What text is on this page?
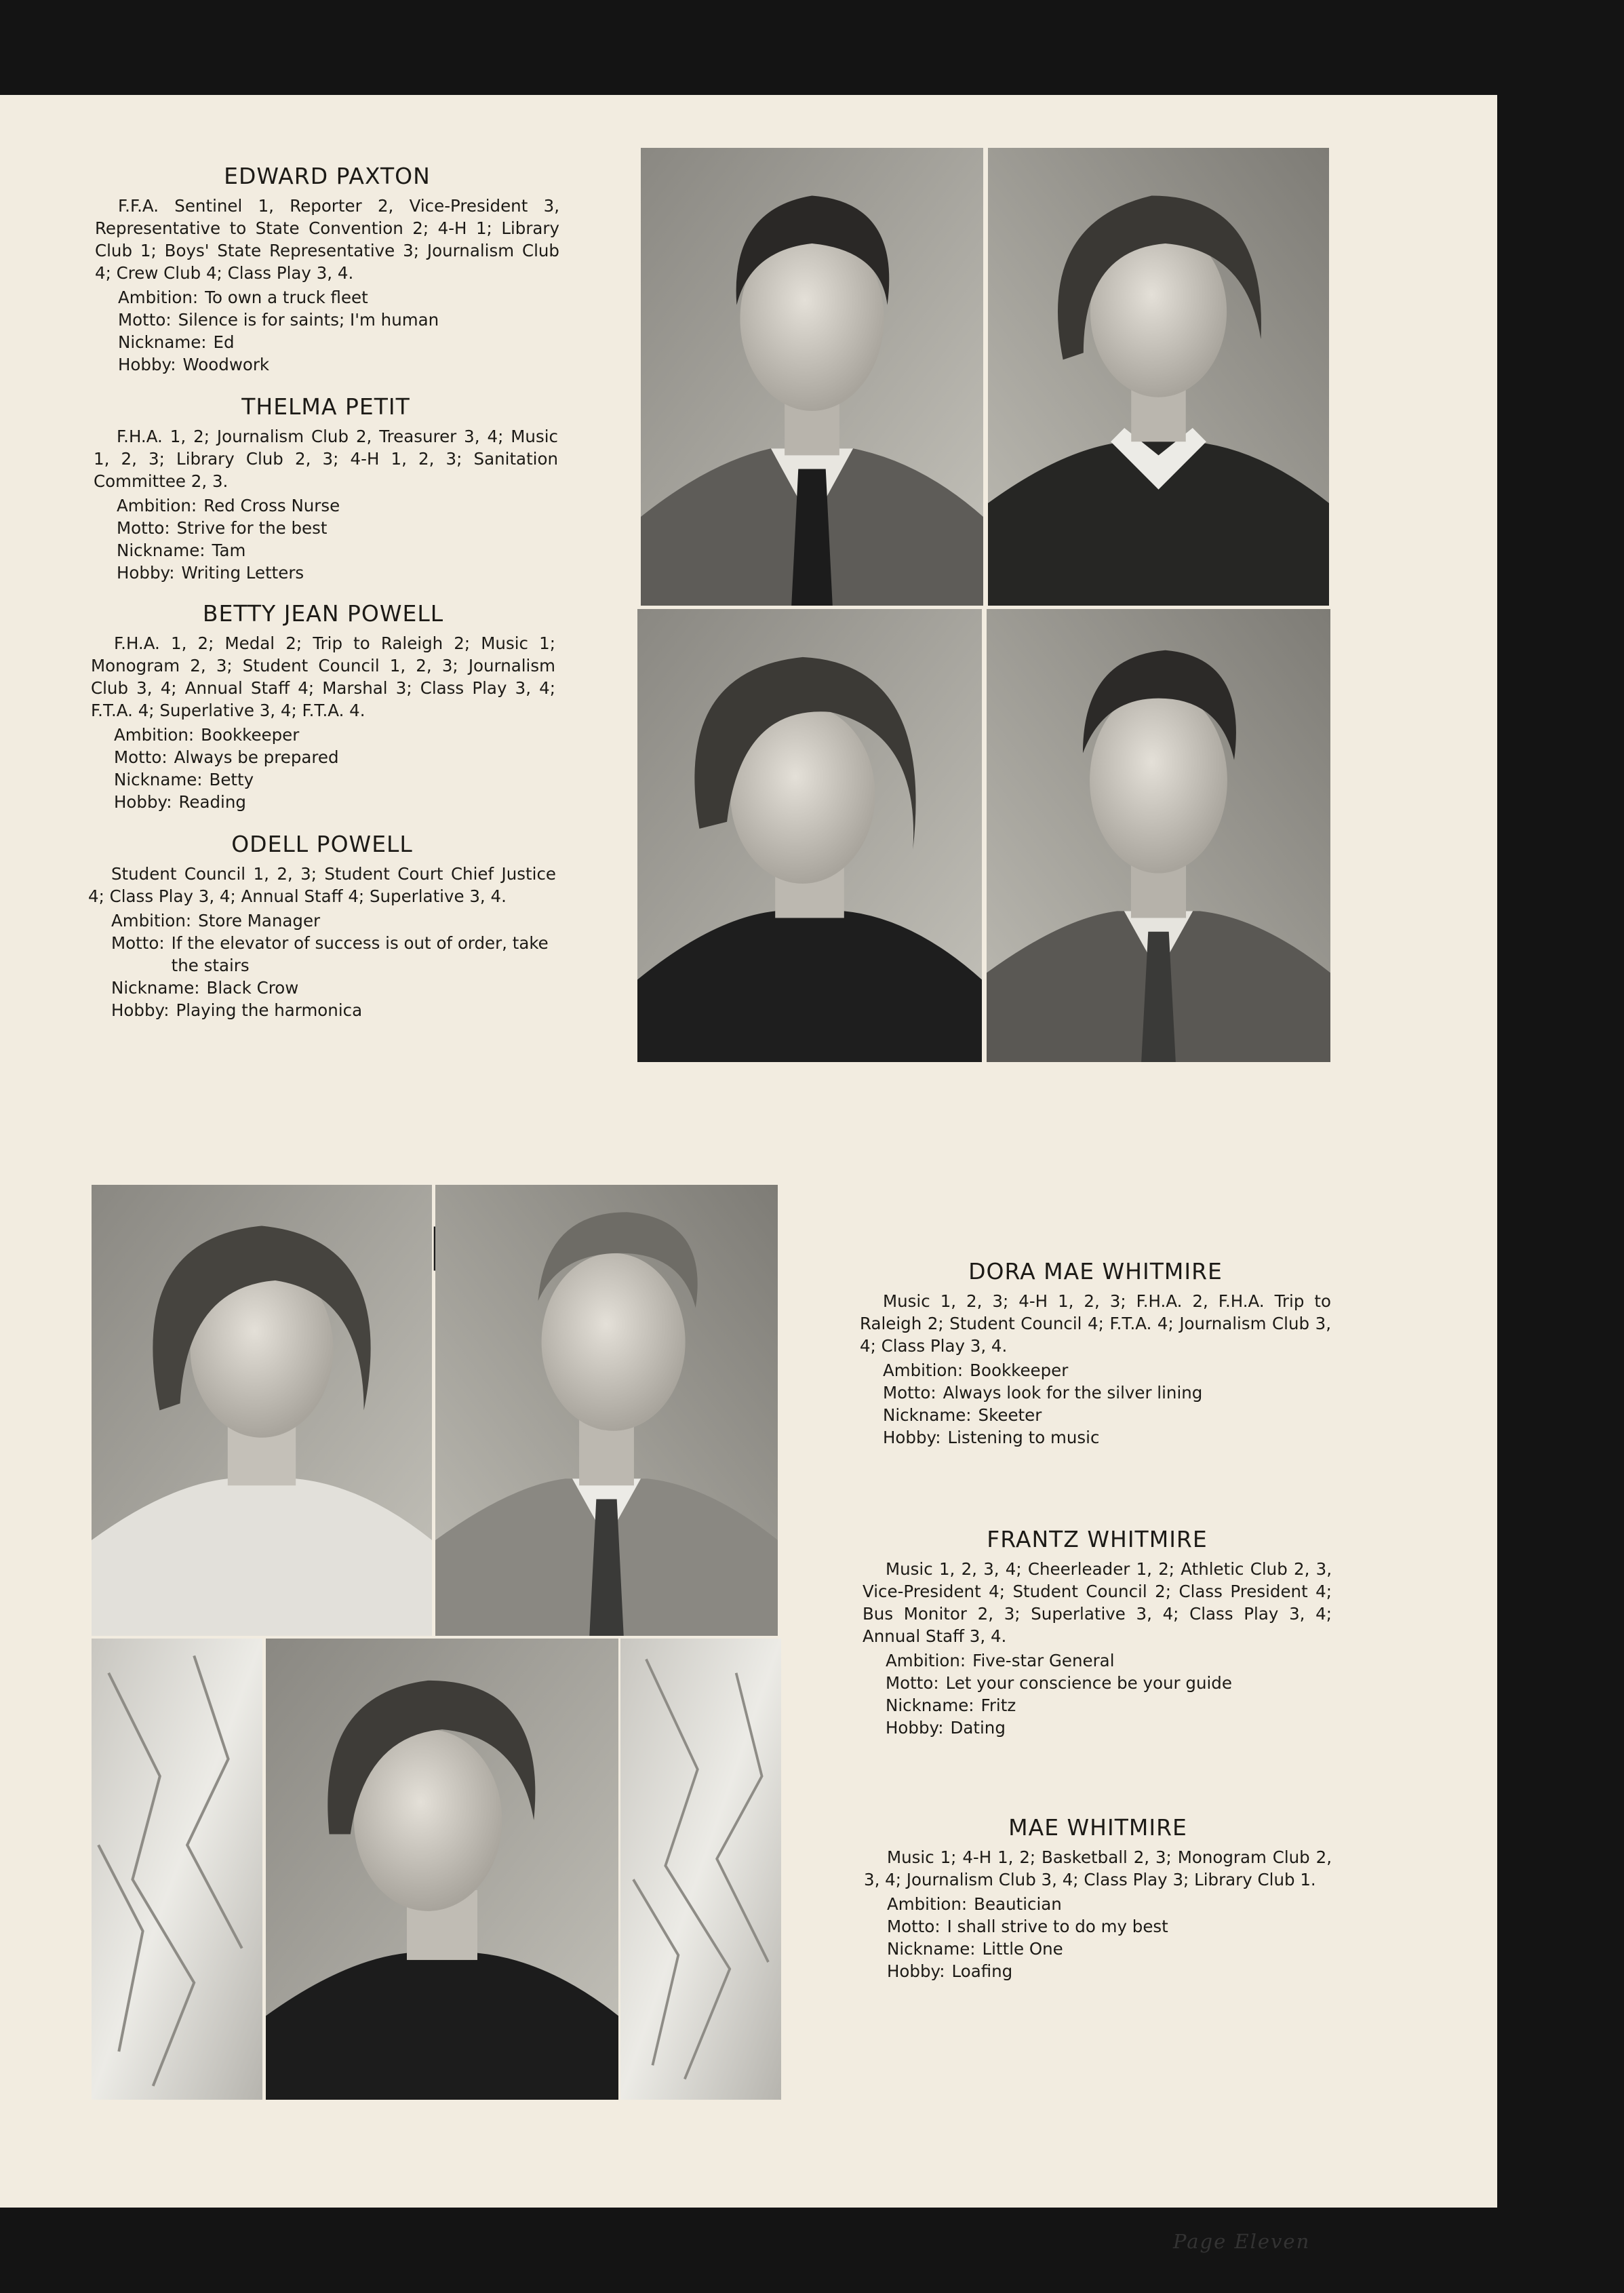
EDWARD PAXTON

F.F.A. Sentinel 1, Reporter 2, Vice-President 3, Representative to State Convention 2; 4-H 1; Library Club 1; Boys' State Representative 3; Journalism Club 4; Crew Club 4; Class Play 3, 4.

Ambition: To own a truck fleet
Motto: Silence is for saints; I'm human
Nickname: Ed
Hobby: Woodwork
THELMA PETIT

F.H.A. 1, 2; Journalism Club 2, Treasurer 3, 4; Music 1, 2, 3; Library Club 2, 3; 4-H 1, 2, 3; Sanitation Committee 2, 3.

Ambition: Red Cross Nurse
Motto: Strive for the best
Nickname: Tam
Hobby: Writing Letters
BETTY JEAN POWELL

F.H.A. 1, 2; Medal 2; Trip to Raleigh 2; Music 1; Monogram 2, 3; Student Council 1, 2, 3; Journalism Club 3, 4; Annual Staff 4; Marshal 3; Class Play 3, 4; F.T.A. 4; Superlative 3, 4; F.T.A. 4.

Ambition: Bookkeeper
Motto: Always be prepared
Nickname: Betty
Hobby: Reading
ODELL POWELL

Student Council 1, 2, 3; Student Court Chief Justice 4; Class Play 3, 4; Annual Staff 4; Superlative 3, 4.

Ambition: Store Manager
Motto: If the elevator of success is out of order, take the stairs
Nickname: Black Crow
Hobby: Playing the harmonica
DORA MAE WHITMIRE

Music 1, 2, 3; 4-H 1, 2, 3; F.H.A. 2, F.H.A. Trip to Raleigh 2; Student Council 4; F.T.A. 4; Journalism Club 3, 4; Class Play 3, 4.

Ambition: Bookkeeper
Motto: Always look for the silver lining
Nickname: Skeeter
Hobby: Listening to music
FRANTZ WHITMIRE

Music 1, 2, 3, 4; Cheerleader 1, 2; Athletic Club 2, 3, Vice-President 4; Student Council 2; Class President 4; Bus Monitor 2, 3; Superlative 3, 4; Class Play 3, 4; Annual Staff 3, 4.

Ambition: Five-star General
Motto: Let your conscience be your guide
Nickname: Fritz
Hobby: Dating
MAE WHITMIRE

Music 1; 4-H 1, 2; Basketball 2, 3; Monogram Club 2, 3, 4; Journalism Club 3, 4; Class Play 3; Library Club 1.

Ambition: Beautician
Motto: I shall strive to do my best
Nickname: Little One
Hobby: Loafing
Page Eleven
